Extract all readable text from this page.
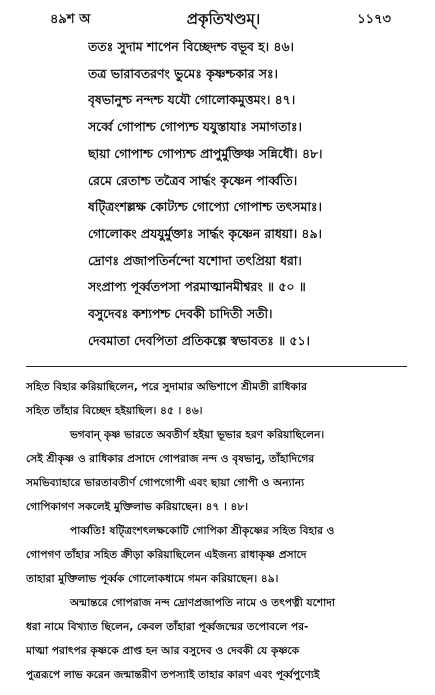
৪৯শ অ	প্রকৃতিখণ্ডম্।	১১৭৩
ততঃ সুদাম শাপেন বিচ্ছেদশ্চ বভূব হ। ৪৬।
তত্র ভারাবতরণং ভুমেঃ কৃষ্ণশ্চকার সঃ।
বৃষভানুশ্চ নন্দশ্চ যযৌ গোলোকমুত্তমং। ৪৭।
সর্ব্বে গোপাশ্চ গোপ্যশ্চ যযুস্তাযাঃ সমাগতাঃ।
ছায়া গোপাশ্চ গোপ্যশ্চ প্রাপুর্মুক্তিঞ্চ সন্নিধৌ। ৪৮।
রেমে রেতাশ্চ তত্রৈব সার্দ্ধং কৃষ্ণেন পার্ব্বতি।
ষট্ত্রিংশল্লক্ষ কোট্যশ্চ গোপ্যো গোপাশ্চ তৎসমাঃ।
গোলোকং প্রযযুর্মুক্তাঃ সার্দ্ধং কৃষ্ণেন রাধয়া। ৪৯।
দ্রোণঃ প্রজাপতির্নন্দো যশোদা তৎপ্রিয়া ধরা।
সংপ্রাপ্য পূর্ব্বতপসা পরমাত্মানমীশ্বরং ॥ ৫০ ॥
বসুদেবঃ কশ্যপশ্চ দেবকী চাদিতী সতী।
দেবমাতা দেবপিতা প্রতিকল্পে স্বভাবতঃ ॥ ৫১।
সহিত বিহার করিয়াছিলেন, পরে সুদামার অভিশাপে শ্রীমতী রাধিকার
সহিত তাঁহার বিচ্ছেদ হইয়াছিল। ৪৫ । ৪৬।
ভগবান্ কৃষ্ণ ভারতে অবতীর্ণ হইয়া ভূভার হরণ করিয়াছিলেন।
সেই শ্রীকৃষ্ণ ও রাধিকার প্রসাদে গোপরাজ নন্দ ও বৃষভানু, তাঁহাদিগের
সমভিব্যাহারে ভারতাবতীর্ণ গোপগোপী এবং ছায়া গোপী ও অন্যান্য
গোপিকাগণ সকলেই মুক্তিলাভ করিয়াছেন। ৪৭ । ৪৮।
পার্ব্বতি! ষট্ত্রিংশৎলক্ষকোটি গোপিকা শ্রীকৃষ্ণের সহিত বিহার ও
গোপগণ তাঁহার সহিত ক্রীড়া করিয়াছিলেন এইজন্য রাধাকৃষ্ণ প্রসাদে
তাহারা মুক্তিলাভ পূর্ব্বক গোলোকধামে গমন করিয়াছেন। ৪৯।
অন্মান্তরে গোপরাজ নন্দ দ্রোণপ্রজাপতি নামে ও তৎপত্নী যশোদা
ধরা নামে বিখ্যাত ছিলেন, কেবল তাঁহারা পূর্ব্বজন্মের তপোবলে পর-
মাত্মা পরাৎপর কৃষ্ণকে প্রাপ্ত হন আর বসুদেব ও দেবকী যে কৃষ্ণকে
পুত্ররূপে লাভ করেন জন্মান্তরীণ তপস্যাই তাহার কারণ এবং পূর্ব্বপুণ্যেই
